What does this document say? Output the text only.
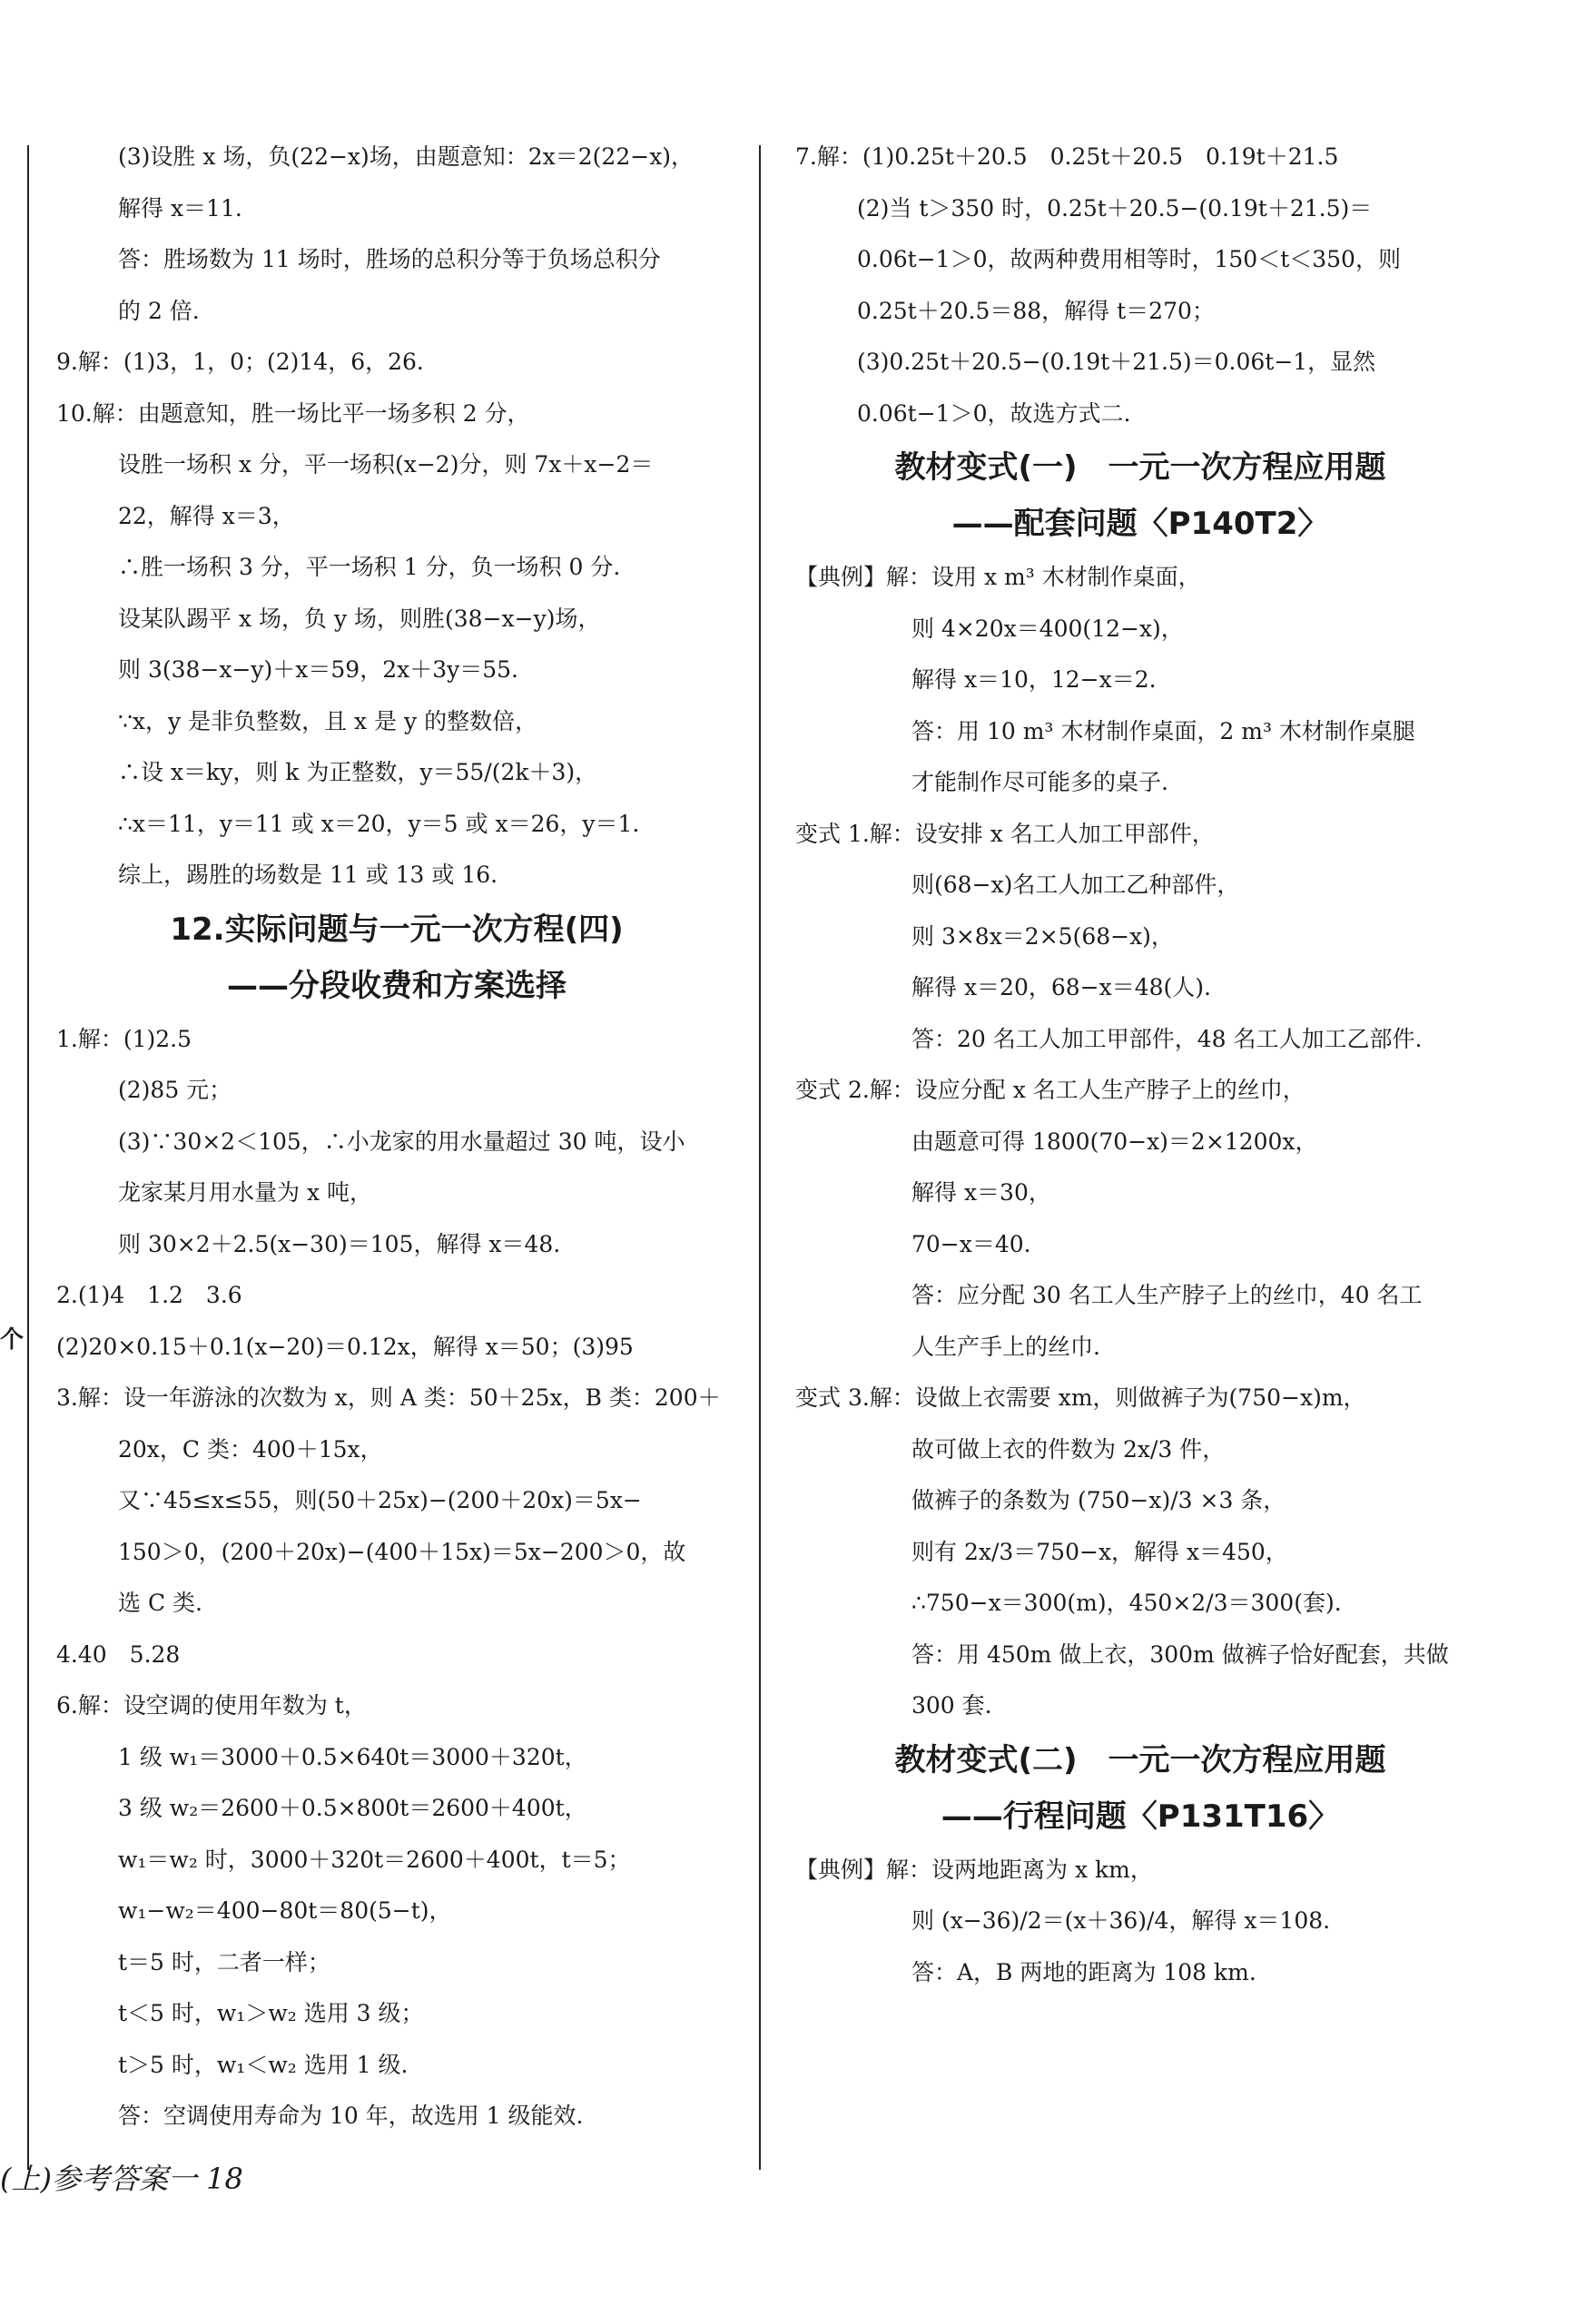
(3)设胜 x 场，负(22−x)场，由题意知：2x＝2(22−x)，
解得 x＝11.
答：胜场数为 11 场时，胜场的总积分等于负场总积分
的 2 倍.
9.解：(1)3，1，0；(2)14，6，26.
10.解：由题意知，胜一场比平一场多积 2 分，
设胜一场积 x 分，平一场积(x−2)分，则 7x＋x−2＝
22，解得 x＝3，
∴胜一场积 3 分，平一场积 1 分，负一场积 0 分.
设某队踢平 x 场，负 y 场，则胜(38−x−y)场，
则 3(38−x−y)＋x＝59，2x＋3y＝55.
∵x，y 是非负整数，且 x 是 y 的整数倍，
∴设 x＝ky，则 k 为正整数，y＝55/(2k＋3)，
∴x＝11，y＝11 或 x＝20，y＝5 或 x＝26，y＝1.
综上，踢胜的场数是 11 或 13 或 16.
12.实际问题与一元一次方程(四)
——分段收费和方案选择
1.解：(1)2.5
(2)85 元；
(3)∵30×2＜105，∴小龙家的用水量超过 30 吨，设小
龙家某月用水量为 x 吨，
则 30×2＋2.5(x−30)＝105，解得 x＝48.
2.(1)4　1.2　3.6
(2)20×0.15＋0.1(x−20)＝0.12x，解得 x＝50；(3)95
3.解：设一年游泳的次数为 x，则 A 类：50＋25x，B 类：200＋
20x，C 类：400＋15x，
又∵45≤x≤55，则(50＋25x)−(200＋20x)＝5x−
150＞0，(200＋20x)−(400＋15x)＝5x−200＞0，故
选 C 类.
4.40　5.28
6.解：设空调的使用年数为 t，
1 级 w₁＝3000＋0.5×640t＝3000＋320t，
3 级 w₂＝2600＋0.5×800t＝2600＋400t，
w₁＝w₂ 时，3000＋320t＝2600＋400t，t＝5；
w₁−w₂＝400−80t＝80(5−t)，
t＝5 时，二者一样；
t＜5 时，w₁＞w₂ 选用 3 级；
t＞5 时，w₁＜w₂ 选用 1 级.
答：空调使用寿命为 10 年，故选用 1 级能效.
7.解：(1)0.25t＋20.5　0.25t＋20.5　0.19t＋21.5
(2)当 t＞350 时，0.25t＋20.5−(0.19t＋21.5)＝
0.06t−1＞0，故两种费用相等时，150＜t＜350，则
0.25t＋20.5＝88，解得 t＝270；
(3)0.25t＋20.5−(0.19t＋21.5)＝0.06t−1，显然
0.06t−1＞0，故选方式二.
教材变式(一)　一元一次方程应用题
——配套问题〈P140T2〉
【典例】解：设用 x m³ 木材制作桌面，
则 4×20x＝400(12−x)，
解得 x＝10，12−x＝2.
答：用 10 m³ 木材制作桌面，2 m³ 木材制作桌腿
才能制作尽可能多的桌子.
变式 1.解：设安排 x 名工人加工甲部件，
则(68−x)名工人加工乙种部件，
则 3×8x＝2×5(68−x)，
解得 x＝20，68−x＝48(人).
答：20 名工人加工甲部件，48 名工人加工乙部件.
变式 2.解：设应分配 x 名工人生产脖子上的丝巾，
由题意可得 1800(70−x)＝2×1200x，
解得 x＝30，
70−x＝40.
答：应分配 30 名工人生产脖子上的丝巾，40 名工
人生产手上的丝巾.
变式 3.解：设做上衣需要 xm，则做裤子为(750−x)m，
故可做上衣的件数为 2x/3 件，
做裤子的条数为 (750−x)/3 ×3 条，
则有 2x/3＝750−x，解得 x＝450，
∴750−x＝300(m)，450×2/3＝300(套).
答：用 450m 做上衣，300m 做裤子恰好配套，共做
300 套.
教材变式(二)　一元一次方程应用题
——行程问题〈P131T16〉
【典例】解：设两地距离为 x km，
则 (x−36)/2＝(x＋36)/4，解得 x＝108.
答：A，B 两地的距离为 108 km.
个
(上)参考答案一 18
